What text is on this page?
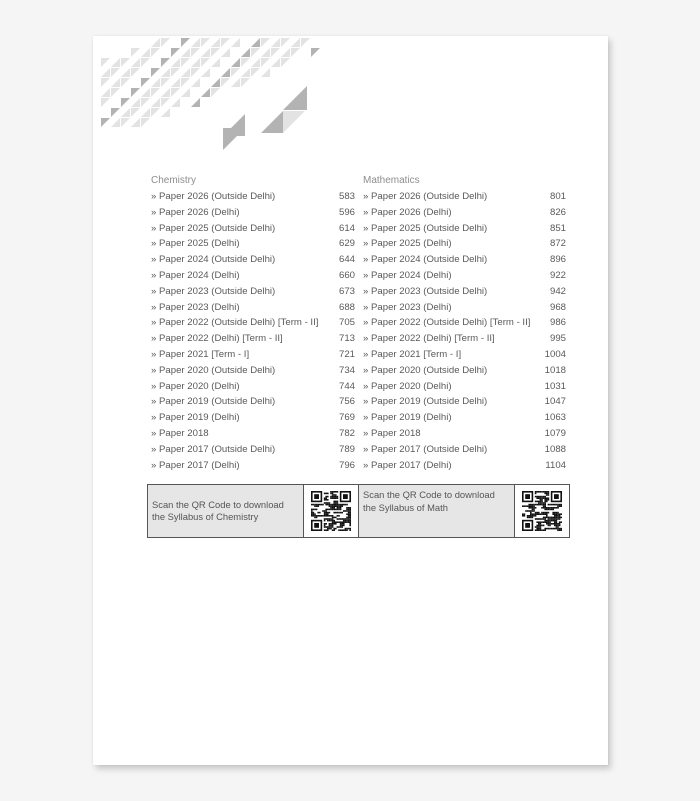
Chemistry
» Paper 2026 (Outside Delhi)	583
» Paper 2026 (Delhi)	596
» Paper 2025 (Outside Delhi)	614
» Paper 2025 (Delhi)	629
» Paper 2024 (Outside Delhi)	644
» Paper 2024 (Delhi)	660
» Paper 2023 (Outside Delhi)	673
» Paper 2023 (Delhi)	688
» Paper 2022 (Outside Delhi) [Term - II] 705
» Paper 2022 (Delhi) [Term - II]	713
» Paper 2021 [Term - I]	721
» Paper 2020 (Outside Delhi)	734
» Paper 2020 (Delhi)	744
» Paper 2019 (Outside Delhi)	756
» Paper 2019 (Delhi)	769
» Paper 2018	782
» Paper 2017 (Outside Delhi)	789
» Paper 2017 (Delhi)	796
Mathematics
» Paper 2026 (Outside Delhi)	801
» Paper 2026 (Delhi)	826
» Paper 2025 (Outside Delhi)	851
» Paper 2025 (Delhi)	872
» Paper 2024 (Outside Delhi)	896
» Paper 2024 (Delhi)	922
» Paper 2023 (Outside Delhi)	942
» Paper 2023 (Delhi)	968
» Paper 2022 (Outside Delhi) [Term - II] 986
» Paper 2022 (Delhi) [Term - II]	995
» Paper 2021 [Term - I]	1004
» Paper 2020 (Outside Delhi)	1018
» Paper 2020 (Delhi)	1031
» Paper 2019 (Outside Delhi)	1047
» Paper 2019 (Delhi)	1063
» Paper 2018	1079
» Paper 2017 (Outside Delhi)	1088
» Paper 2017 (Delhi)	1104
Scan the QR Code to download the Syllabus of Chemistry
Scan the QR Code to download the Syllabus of Math
